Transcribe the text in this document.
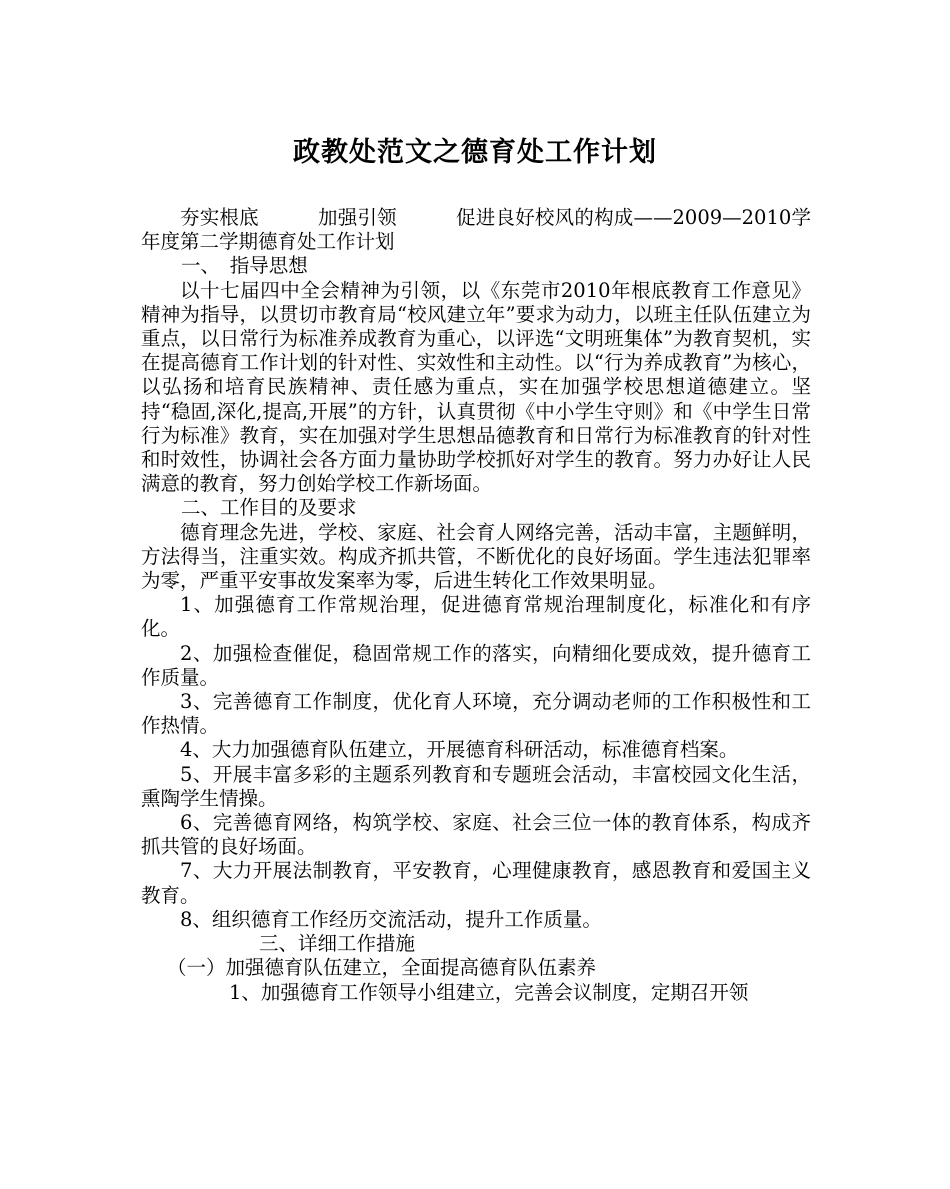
政教处范文之德育处工作计划

夯实根底　　　加强引领　　　促进良好校风的构成——2009—2010学年度第二学期德育处工作计划

一、　指导思想

以十七届四中全会精神为引领，以《东莞市2010年根底教育工作意见》精神为指导，以贯切市教育局“校风建立年”要求为动力，以班主任队伍建立为重点，以日常行为标准养成教育为重心，以评选“文明班集体”为教育契机，实在提高德育工作计划的针对性、实效性和主动性。以“行为养成教育”为核心，以弘扬和培育民族精神、责任感为重点，实在加强学校思想道德建立。坚持“稳固,深化,提高,开展”的方针，认真贯彻《中小学生守则》和《中学生日常行为标准》教育，实在加强对学生思想品德教育和日常行为标准教育的针对性和时效性，协调社会各方面力量协助学校抓好对学生的教育。努力办好让人民满意的教育，努力创始学校工作新场面。

二、工作目的及要求

德育理念先进，学校、家庭、社会育人网络完善，活动丰富，主题鲜明，方法得当，注重实效。构成齐抓共管，不断优化的良好场面。学生违法犯罪率为零，严重平安事故发案率为零，后进生转化工作效果明显。

1、加强德育工作常规治理，促进德育常规治理制度化，标准化和有序化。

2、加强检查催促，稳固常规工作的落实，向精细化要成效，提升德育工作质量。

3、完善德育工作制度，优化育人环境，充分调动老师的工作积极性和工作热情。

4、大力加强德育队伍建立，开展德育科研活动，标准德育档案。

5、开展丰富多彩的主题系列教育和专题班会活动，丰富校园文化生活，熏陶学生情操。

6、完善德育网络，构筑学校、家庭、社会三位一体的教育体系，构成齐抓共管的良好场面。

7、大力开展法制教育，平安教育，心理健康教育，感恩教育和爱国主义教育。

8、组织德育工作经历交流活动，提升工作质量。

三、详细工作措施

（一）加强德育队伍建立，全面提高德育队伍素养

1、加强德育工作领导小组建立，完善会议制度，定期召开领
